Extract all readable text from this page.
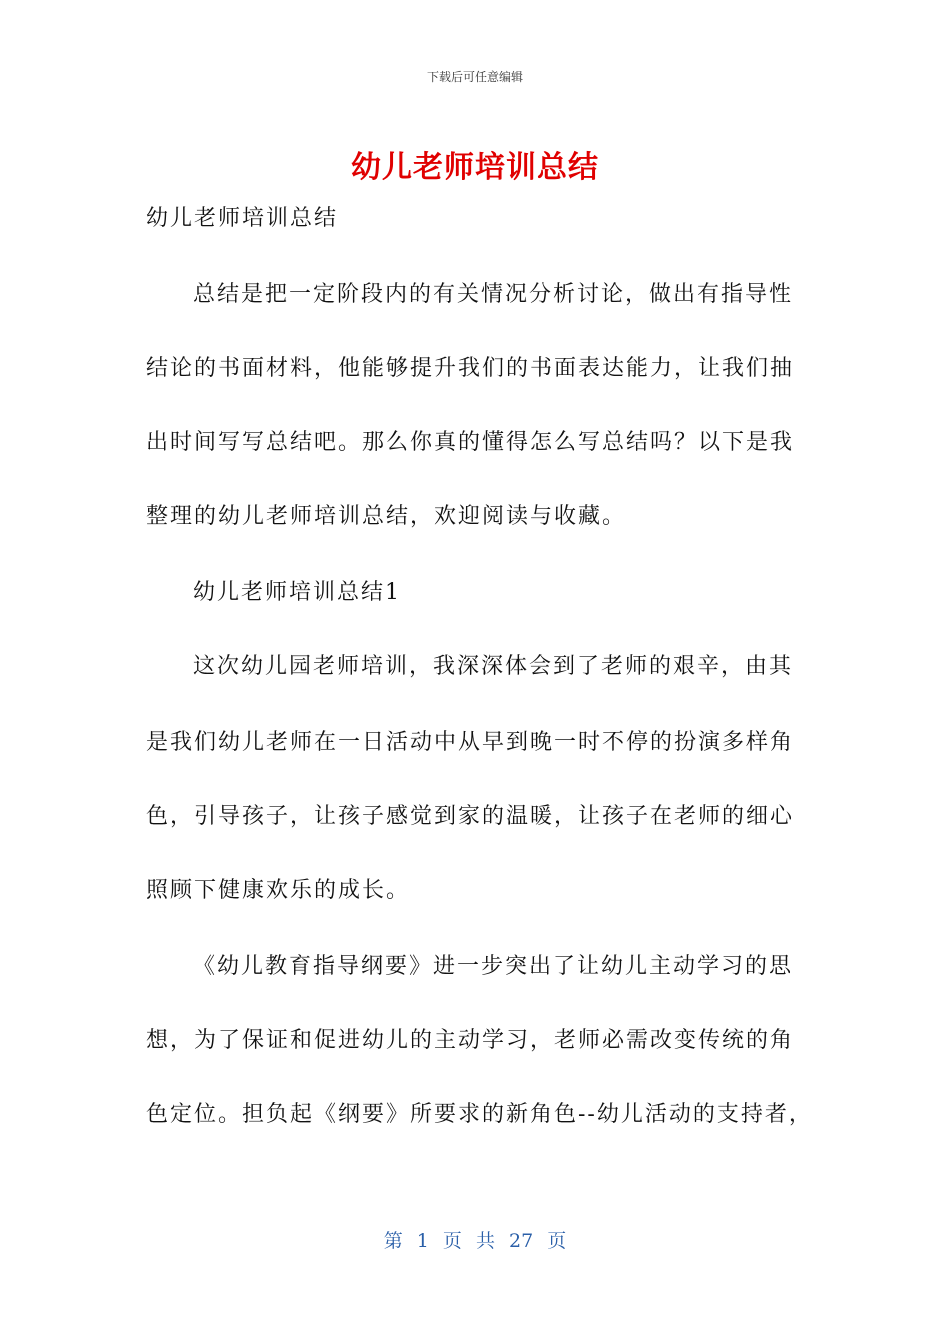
下载后可任意编辑
幼儿老师培训总结
幼儿老师培训总结
总结是把一定阶段内的有关情况分析讨论，做出有指导性
结论的书面材料，他能够提升我们的书面表达能力，让我们抽
出时间写写总结吧。那么你真的懂得怎么写总结吗？以下是我
整理的幼儿老师培训总结，欢迎阅读与收藏。
幼儿老师培训总结1
这次幼儿园老师培训，我深深体会到了老师的艰辛，由其
是我们幼儿老师在一日活动中从早到晚一时不停的扮演多样角
色，引导孩子，让孩子感觉到家的温暖，让孩子在老师的细心
照顾下健康欢乐的成长。
《幼儿教育指导纲要》进一步突出了让幼儿主动学习的思
想，为了保证和促进幼儿的主动学习，老师必需改变传统的角
色定位。担负起《纲要》所要求的新角色--幼儿活动的支持者，
第 1 页 共 27 页
